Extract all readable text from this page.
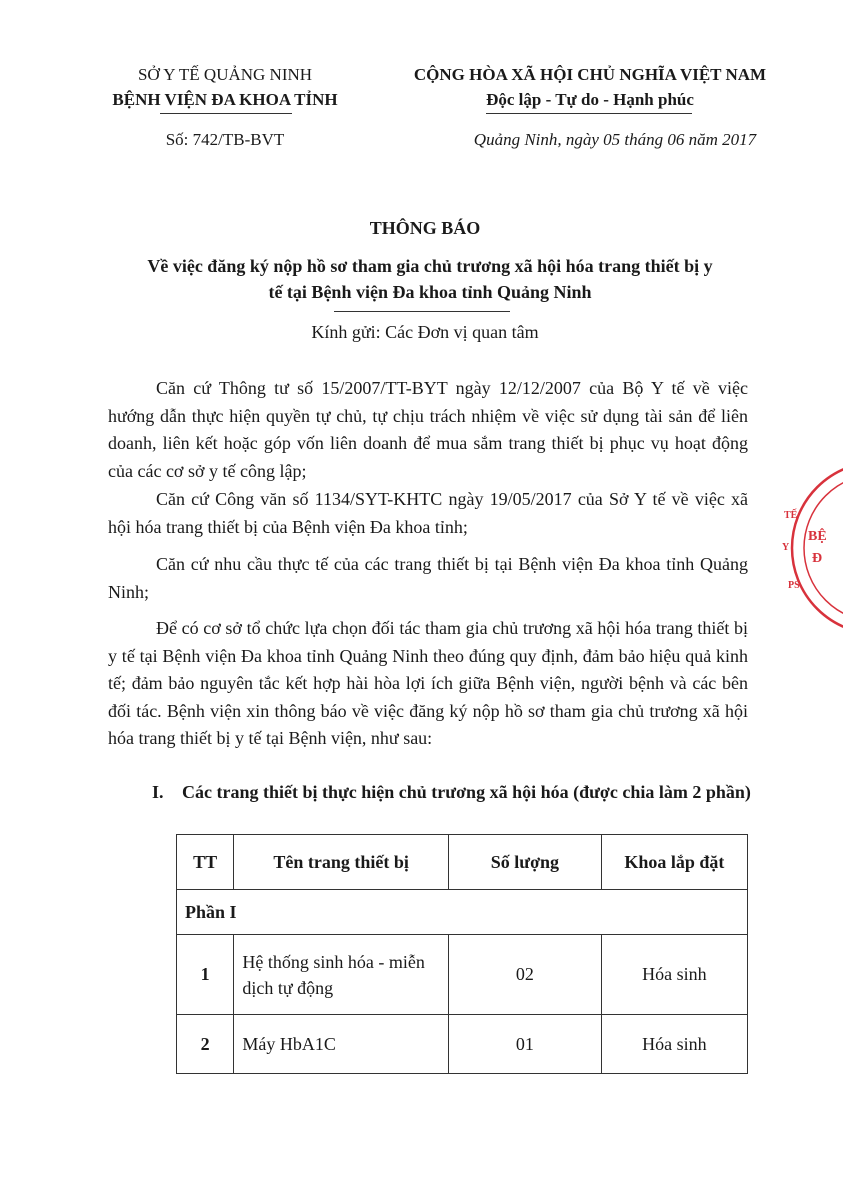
SỞ Y TẾ QUẢNG NINH
BỆNH VIỆN ĐA KHOA TỈNH
CỘNG HÒA XÃ HỘI CHỦ NGHĨA VIỆT NAM
Độc lập - Tự do - Hạnh phúc
Số: 742/TB-BVT	Quảng Ninh, ngày 05 tháng 06 năm 2017
THÔNG BÁO
Về việc đăng ký nộp hồ sơ tham gia chủ trương xã hội hóa trang thiết bị y
tế tại Bệnh viện Đa khoa tỉnh Quảng Ninh
Kính gửi: Các Đơn vị quan tâm
Căn cứ Thông tư số 15/2007/TT-BYT ngày 12/12/2007 của Bộ Y tế về việc hướng dẫn thực hiện quyền tự chủ, tự chịu trách nhiệm về việc sử dụng tài sản để liên doanh, liên kết hoặc góp vốn liên doanh để mua sắm trang thiết bị phục vụ hoạt động của các cơ sở y tế công lập;
Căn cứ Công văn số 1134/SYT-KHTC ngày 19/05/2017 của Sở Y tế về việc xã hội hóa trang thiết bị của Bệnh viện Đa khoa tỉnh;
Căn cứ nhu cầu thực tế của các trang thiết bị tại Bệnh viện Đa khoa tỉnh Quảng Ninh;
Để có cơ sở tổ chức lựa chọn đối tác tham gia chủ trương xã hội hóa trang thiết bị y tế tại Bệnh viện Đa khoa tỉnh Quảng Ninh theo đúng quy định, đảm bảo hiệu quả kinh tế; đảm bảo nguyên tắc kết hợp hài hòa lợi ích giữa Bệnh viện, người bệnh và các bên đối tác. Bệnh viện xin thông báo về việc đăng ký nộp hồ sơ tham gia chủ trương xã hội hóa trang thiết bị y tế tại Bệnh viện, như sau:
I. Các trang thiết bị thực hiện chủ trương xã hội hóa (được chia làm 2 phần)
TT	Tên trang thiết bị	Số lượng	Khoa lắp đặt
Phần I			
1	Hệ thống sinh hóa - miễn dịch tự động	02	Hóa sinh
2	Máy HbA1C	01	Hóa sinh
BỆ
Đ
TẾ
Y
PS
